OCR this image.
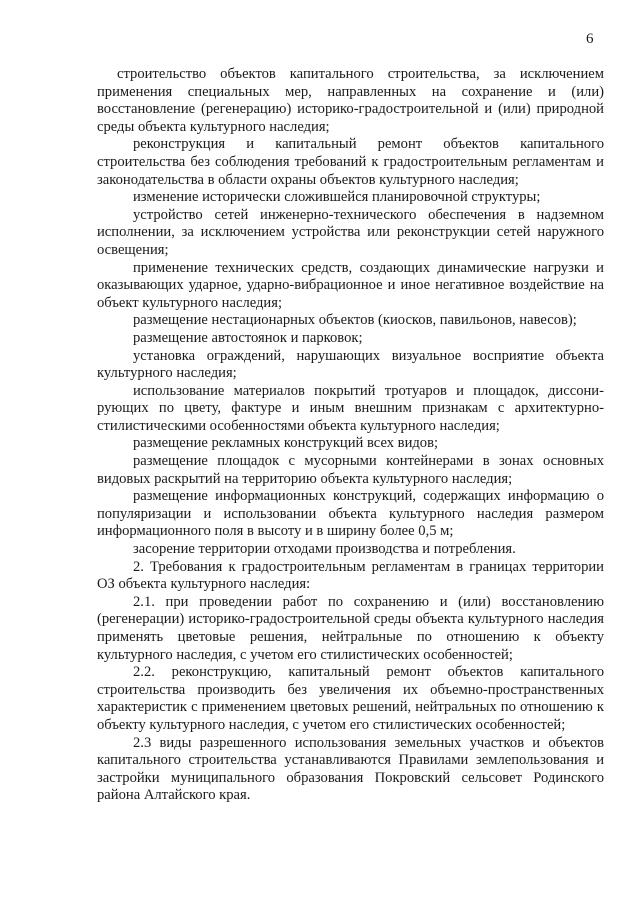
6

строительство объектов капитального строительства, за исключением применения специальных мер, направленных на сохранение и (или) восстановление (регенерацию) историко-градостроительной и (или) природной среды объекта культурного наследия;

реконструкция и капитальный ремонт объектов капитального строительства без соблюдения требований к градостроительным регламентам и законодательства в области охраны объектов культурного наследия;

изменение исторически сложившейся планировочной структуры;

устройство сетей инженерно-технического обеспечения в надземном исполнении, за исключением устройства или реконструкции сетей наружного освещения;

применение технических средств, создающих динамические нагрузки и оказывающих ударное, ударно-вибрационное и иное негативное воздействие на объект культурного наследия;

размещение нестационарных объектов (киосков, павильонов, навесов);

размещение автостоянок и парковок;

установка ограждений, нарушающих визуальное восприятие объекта культурного наследия;

использование материалов покрытий тротуаров и площадок, диссонирующих по цвету, фактуре и иным внешним признакам с архитектурно-стилистическими особенностями объекта культурного наследия;

размещение рекламных конструкций всех видов;

размещение площадок с мусорными контейнерами в зонах основных видовых раскрытий на территорию объекта культурного наследия;

размещение информационных конструкций, содержащих информацию о популяризации и использовании объекта культурного наследия размером информационного поля в высоту и в ширину более 0,5 м;

засорение территории отходами производства и потребления.

2. Требования к градостроительным регламентам в границах территории ОЗ объекта культурного наследия:

2.1. при проведении работ по сохранению и (или) восстановлению (регенерации) историко-градостроительной среды объекта культурного наследия применять цветовые решения, нейтральные по отношению к объекту культурного наследия, с учетом его стилистических особенностей;

2.2. реконструкцию, капитальный ремонт объектов капитального строительства производить без увеличения их объемно-пространственных характеристик с применением цветовых решений, нейтральных по отношению к объекту культурного наследия, с учетом его стилистических особенностей;

2.3 виды разрешенного использования земельных участков и объектов капитального строительства устанавливаются Правилами землепользования и застройки муниципального образования Покровский сельсовет Родинского района Алтайского края.
